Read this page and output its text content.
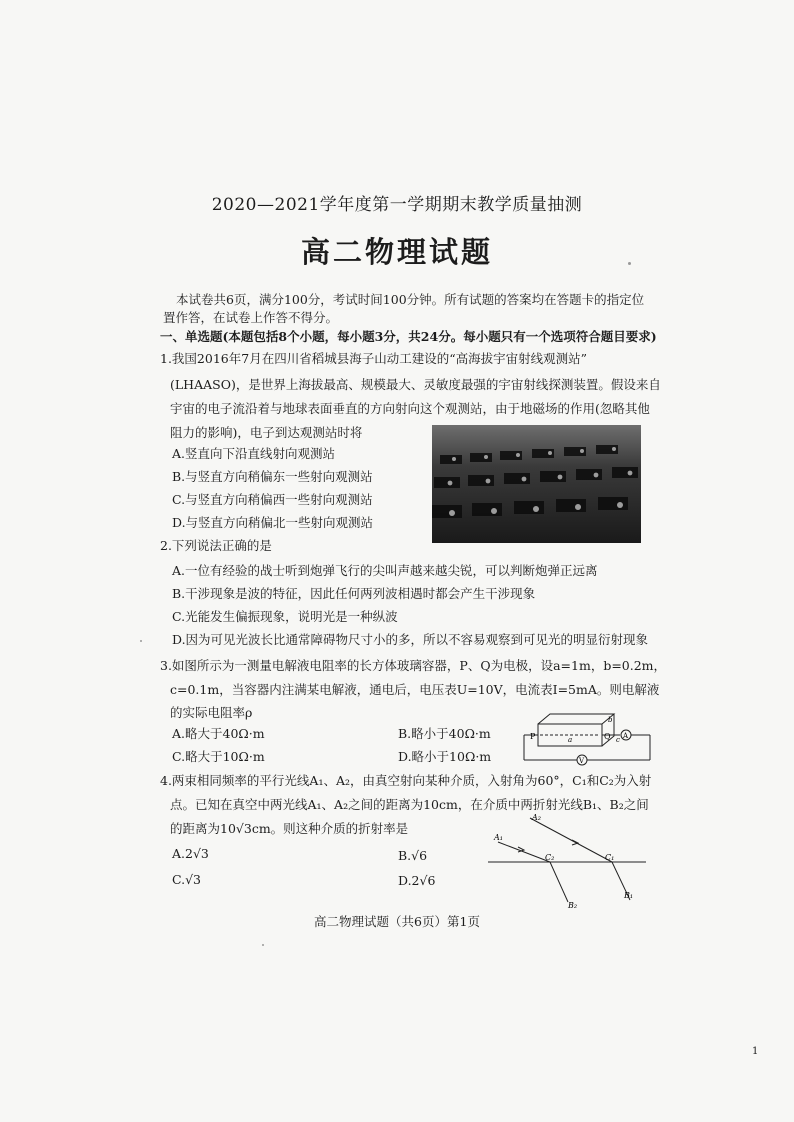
2020—2021学年度第一学期期末教学质量抽测
高二物理试题
本试卷共6页，满分100分，考试时间100分钟。所有试题的答案均在答题卡的指定位
置作答，在试卷上作答不得分。
一、单选题(本题包括8个小题，每小题3分，共24分。每小题只有一个选项符合题目要求)
1.我国2016年7月在四川省稻城县海子山动工建设的“高海拔宇宙射线观测站”
(LHAASO)，是世界上海拔最高、规模最大、灵敏度最强的宇宙射线探测装置。假设来自
宇宙的电子流沿着与地球表面垂直的方向射向这个观测站，由于地磁场的作用(忽略其他
阻力的影响)，电子到达观测站时将
A.竖直向下沿直线射向观测站
B.与竖直方向稍偏东一些射向观测站
C.与竖直方向稍偏西一些射向观测站
D.与竖直方向稍偏北一些射向观测站
2.下列说法正确的是
A.一位有经验的战士听到炮弹飞行的尖叫声越来越尖锐，可以判断炮弹正远离
B.干涉现象是波的特征，因此任何两列波相遇时都会产生干涉现象
C.光能发生偏振现象，说明光是一种纵波
D.因为可见光波长比通常障碍物尺寸小的多，所以不容易观察到可见光的明显衍射现象
3.如图所示为一测量电解液电阻率的长方体玻璃容器，P、Q为电极，设a=1m，b=0.2m，
c=0.1m，当容器内注满某电解液，通电后，电压表U=10V，电流表I=5mA。则电解液
的实际电阻率ρ
A.略大于40Ω·m	B.略小于40Ω·m
C.略大于10Ω·m	D.略小于10Ω·m
P	Q
a
b
c A
V
4.两束相同频率的平行光线A₁、A₂，由真空射向某种介质，入射角为60°，C₁和C₂为入射
点。已知在真空中两光线A₁、A₂之间的距离为10cm，在介质中两折射光线B₁、B₂之间
的距离为10√3cm。则这种介质的折射率是
A.2√3	B.√6
C.√3	D.2√6
A₁
A₂
C₂	C₁
B₂
B₁
高二物理试题（共6页）第1页
1
